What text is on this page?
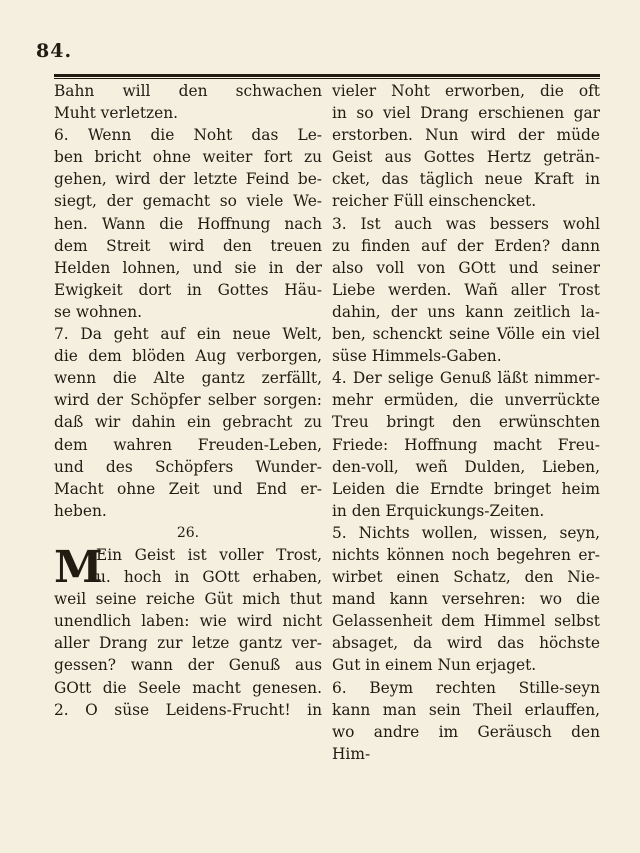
84.
Bahn will den schwachen
Muht verletzen.
6. Wenn die Noht das Le-
ben bricht ohne weiter fort zu
gehen, wird der letzte Feind be-
siegt, der gemacht so viele We-
hen. Wann die Hoffnung nach
dem Streit wird den treuen
Helden lohnen, und sie in der
Ewigkeit dort in Gottes Häu-
se wohnen.
7. Da geht auf ein neue Welt,
die dem blöden Aug verborgen,
wenn die Alte gantz zerfällt,
wird der Schöpfer selber sorgen:
daß wir dahin ein gebracht zu
dem wahren Freuden-Leben,
und des Schöpfers Wunder-
Macht ohne Zeit und End er-
heben.
26.
M
Ein Geist ist voller Trost,
u. hoch in GOtt erhaben,
weil seine reiche Güt mich thut
unendlich laben: wie wird nicht
aller Drang zur letze gantz ver-
gessen? wann der Genuß aus
GOtt die Seele macht genesen.
2. O süse Leidens-Frucht! in
vieler Noht erworben, die oft
in so viel Drang erschienen gar
erstorben. Nun wird der müde
Geist aus Gottes Hertz geträn-
cket, das täglich neue Kraft in
reicher Füll einschencket.
3. Ist auch was bessers wohl
zu finden auf der Erden? dann
also voll von GOtt und seiner
Liebe werden. Wañ aller Trost
dahin, der uns kann zeitlich la-
ben, schenckt seine Völle ein viel
süse Himmels-Gaben.
4. Der selige Genuß läßt nimmer-
mehr ermüden, die unverrückte
Treu bringt den erwünschten
Friede: Hoffnung macht Freu-
den-voll, weñ Dulden, Lieben,
Leiden die Erndte bringet heim
in den Erquickungs-Zeiten.
5. Nichts wollen, wissen, seyn,
nichts können noch begehren er-
wirbet einen Schatz, den Nie-
mand kann versehren: wo die
Gelassenheit dem Himmel selbst
absaget, da wird das höchste
Gut in einem Nun erjaget.
6. Beym rechten Stille-seyn
kann man sein Theil erlauffen,
wo andre im Geräusch den
Him-
